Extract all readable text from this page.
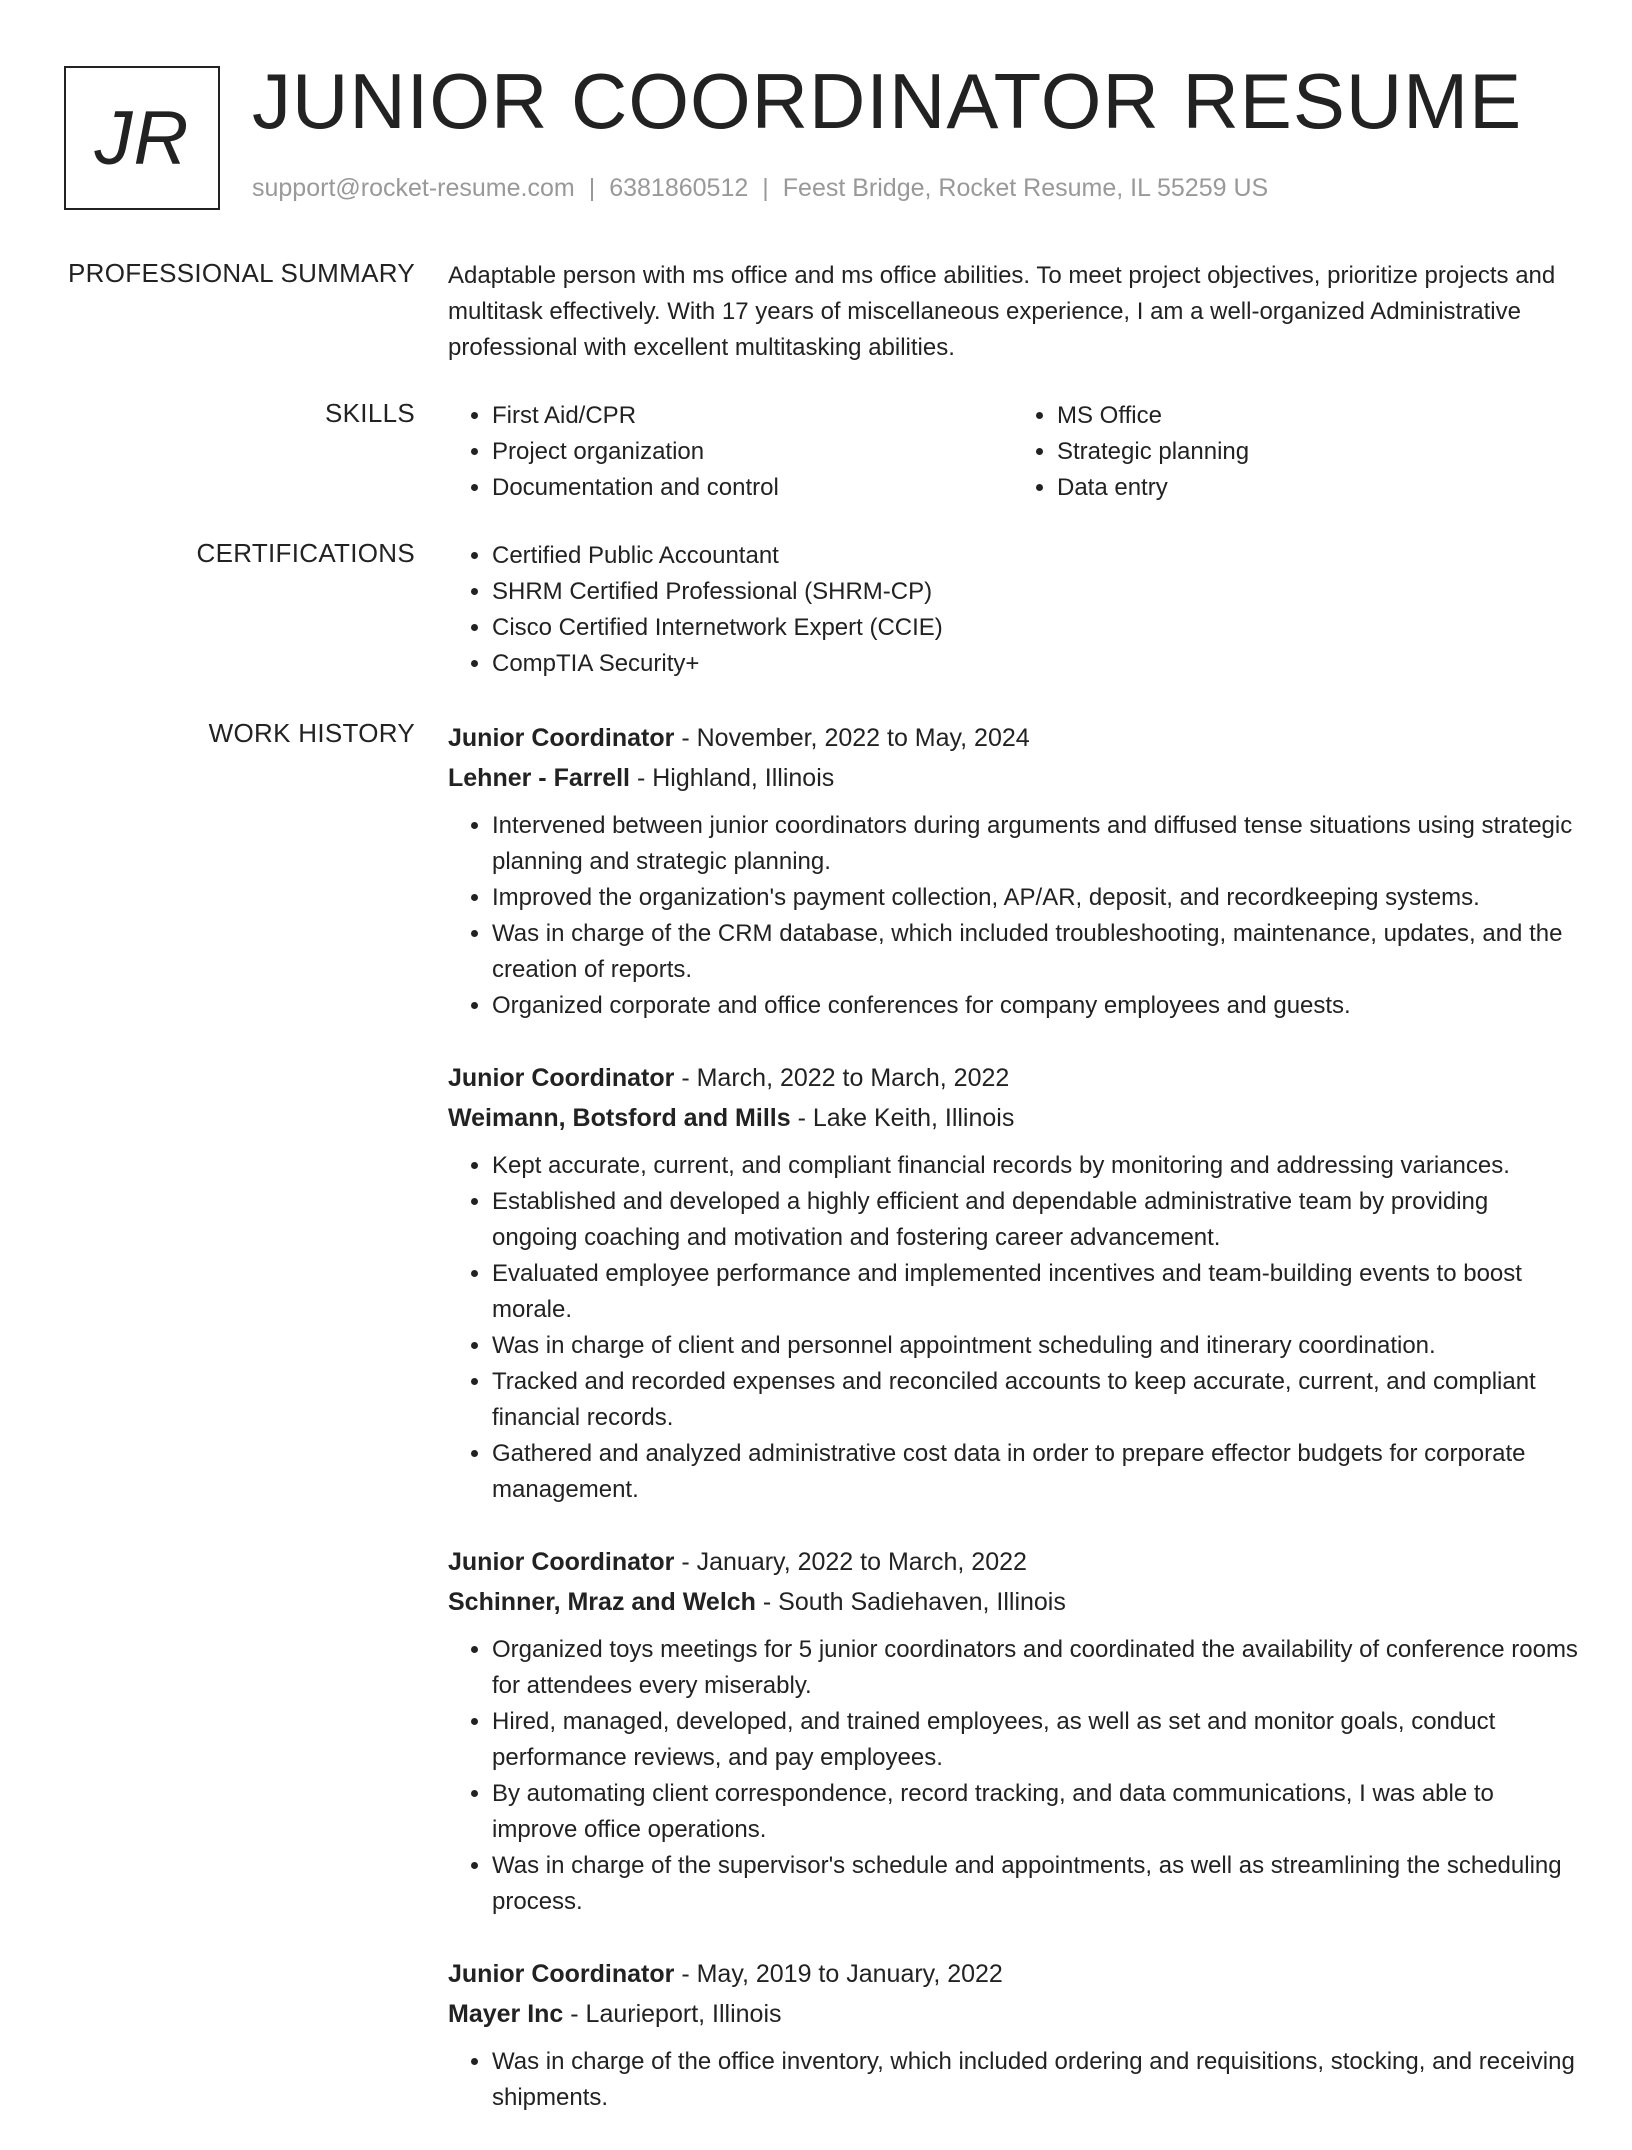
JR JUNIOR COORDINATOR RESUME
support@rocket-resume.com | 6381860512 | Feest Bridge, Rocket Resume, IL 55259 US
PROFESSIONAL SUMMARY Adaptable person with ms office and ms office abilities. To meet project objectives, prioritize projects and multitask effectively. With 17 years of miscellaneous experience, I am a well-organized Administrative professional with excellent multitasking abilities.
SKILLS	• First Aid/CPR
• Project organization
• Documentation and control
• MS Office
• Strategic planning
• Data entry
CERTIFICATIONS	• Certified Public Accountant
• SHRM Certified Professional (SHRM-CP)
• Cisco Certified Internetwork Expert (CCIE)
• CompTIA Security+
WORK HISTORY Junior Coordinator - November, 2022 to May, 2024
Lehner - Farrell - Highland, Illinois
• Intervened between junior coordinators during arguments and diffused tense situations using strategic planning and strategic planning.
• Improved the organization's payment collection, AP/AR, deposit, and recordkeeping systems.
• Was in charge of the CRM database, which included troubleshooting, maintenance, updates, and the creation of reports.
• Organized corporate and office conferences for company employees and guests.
Junior Coordinator - March, 2022 to March, 2022
Weimann, Botsford and Mills - Lake Keith, Illinois
• Kept accurate, current, and compliant financial records by monitoring and addressing variances.
• Established and developed a highly efficient and dependable administrative team by providing ongoing coaching and motivation and fostering career advancement.
• Evaluated employee performance and implemented incentives and team-building events to boost morale.
• Was in charge of client and personnel appointment scheduling and itinerary coordination.
• Tracked and recorded expenses and reconciled accounts to keep accurate, current, and compliant financial records.
• Gathered and analyzed administrative cost data in order to prepare effector budgets for corporate management.
Junior Coordinator - January, 2022 to March, 2022
Schinner, Mraz and Welch - South Sadiehaven, Illinois
• Organized toys meetings for 5 junior coordinators and coordinated the availability of conference rooms for attendees every miserably.
• Hired, managed, developed, and trained employees, as well as set and monitor goals, conduct performance reviews, and pay employees.
• By automating client correspondence, record tracking, and data communications, I was able to improve office operations.
• Was in charge of the supervisor's schedule and appointments, as well as streamlining the scheduling process.
Junior Coordinator - May, 2019 to January, 2022
Mayer Inc - Laurieport, Illinois
• Was in charge of the office inventory, which included ordering and requisitions, stocking, and receiving shipments.
